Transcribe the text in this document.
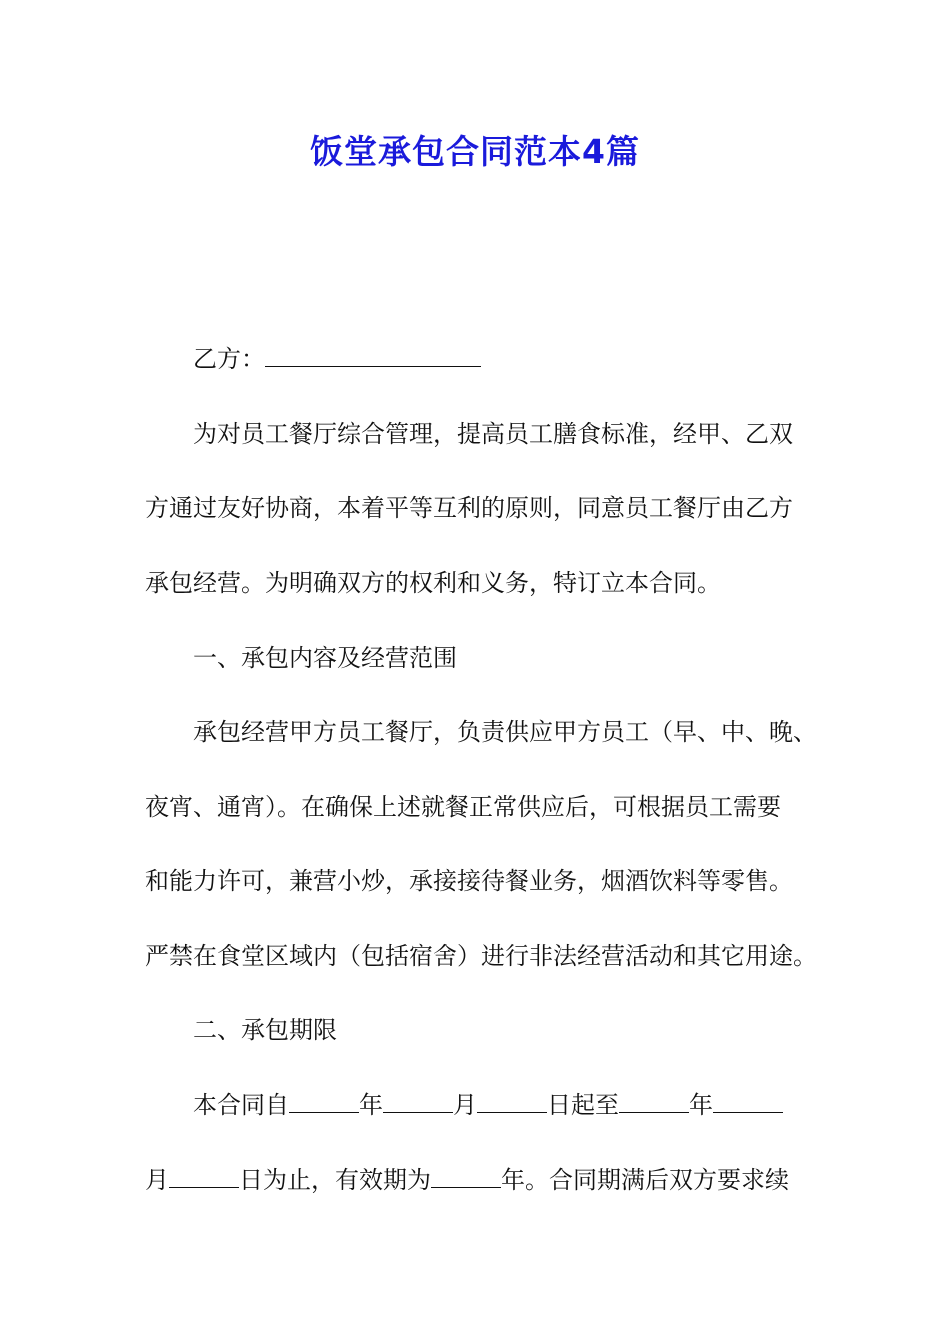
饭堂承包合同范本4篇

乙方：

为对员工餐厅综合管理，提高员工膳食标准，经甲、乙双

方通过友好协商，本着平等互利的原则，同意员工餐厅由乙方

承包经营。为明确双方的权利和义务，特订立本合同。

一、承包内容及经营范围

承包经营甲方员工餐厅，负责供应甲方员工（早、中、晚、

夜宵、通宵）。在确保上述就餐正常供应后，可根据员工需要

和能力许可，兼营小炒，承接接待餐业务，烟酒饮料等零售。

严禁在食堂区域内（包括宿舍）进行非法经营活动和其它用途。

二、承包期限

本合同自	年	月	日起至	年

月	日为止，有效期为	年。合同期满后双方要求续
